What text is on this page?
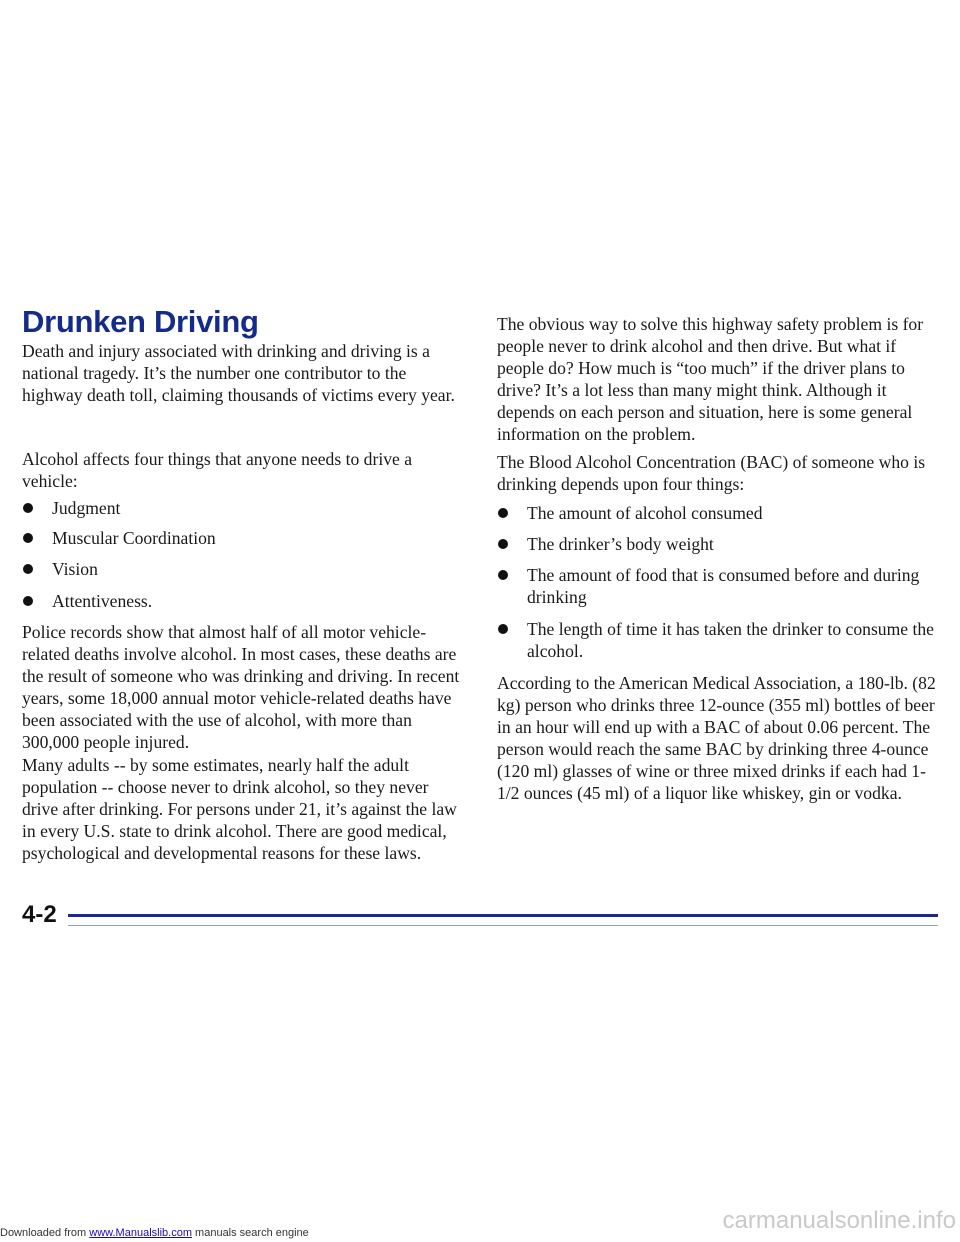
Drunken Driving

Death and injury associated with drinking and driving is a national tragedy. It’s the number one contributor to the highway death toll, claiming thousands of victims every year.

Alcohol affects four things that anyone needs to drive a vehicle:

Judgment
Muscular Coordination
Vision
Attentiveness.

Police records show that almost half of all motor vehicle-related deaths involve alcohol. In most cases, these deaths are the result of someone who was drinking and driving. In recent years, some 18,000 annual motor vehicle-related deaths have been associated with the use of alcohol, with more than 300,000 people injured.

Many adults -- by some estimates, nearly half the adult population -- choose never to drink alcohol, so they never drive after drinking. For persons under 21, it’s against the law in every U.S. state to drink alcohol. There are good medical, psychological and developmental reasons for these laws.

The obvious way to solve this highway safety problem is for people never to drink alcohol and then drive. But what if people do? How much is “too much” if the driver plans to drive? It’s a lot less than many might think. Although it depends on each person and situation, here is some general information on the problem.

The Blood Alcohol Concentration (BAC) of someone who is drinking depends upon four things:

The amount of alcohol consumed
The drinker’s body weight
The amount of food that is consumed before and during drinking
The length of time it has taken the drinker to consume the alcohol.

According to the American Medical Association, a 180-lb. (82 kg) person who drinks three 12-ounce (355 ml) bottles of beer in an hour will end up with a BAC of about 0.06 percent. The person would reach the same BAC by drinking three 4-ounce (120 ml) glasses of wine or three mixed drinks if each had 1-1/2 ounces (45 ml) of a liquor like whiskey, gin or vodka.

4-2
Downloaded from www.Manualslib.com manuals search engine	carmanualsonline.info
